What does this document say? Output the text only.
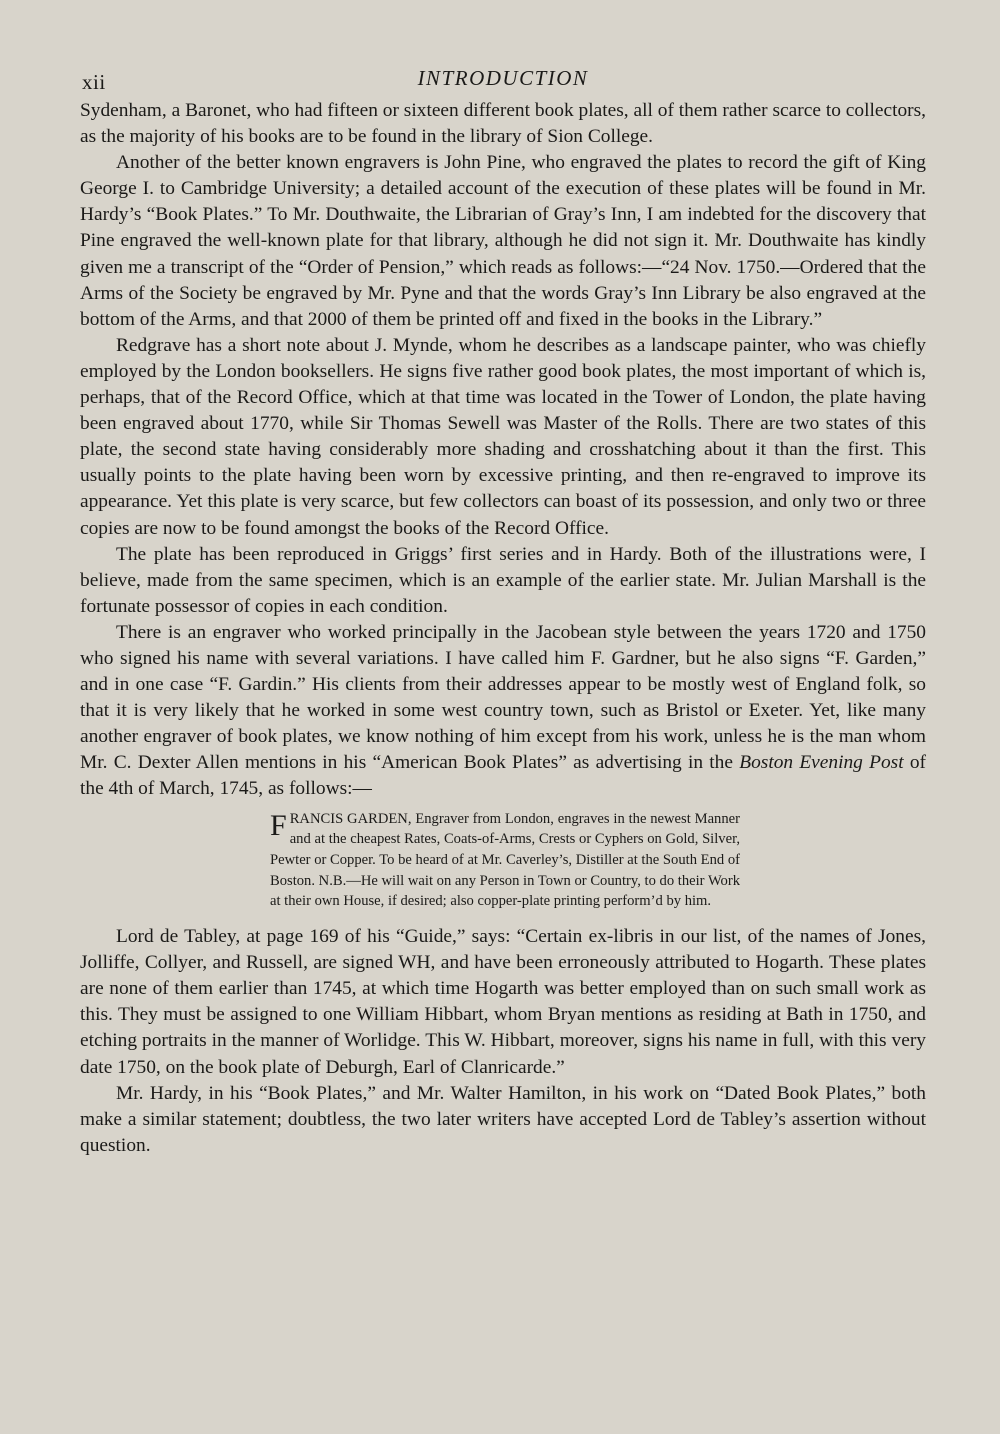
xii	INTRODUCTION

Sydenham, a Baronet, who had fifteen or sixteen different book plates, all of them rather scarce to collectors, as the majority of his books are to be found in the library of Sion College.

Another of the better known engravers is John Pine, who engraved the plates to record the gift of King George I. to Cambridge University; a detailed account of the execution of these plates will be found in Mr. Hardy’s “Book Plates.” To Mr. Douthwaite, the Librarian of Gray’s Inn, I am indebted for the discovery that Pine engraved the well-known plate for that library, although he did not sign it. Mr. Douthwaite has kindly given me a transcript of the “Order of Pension,” which reads as follows:—“24 Nov. 1750.—Ordered that the Arms of the Society be engraved by Mr. Pyne and that the words Gray’s Inn Library be also engraved at the bottom of the Arms, and that 2000 of them be printed off and fixed in the books in the Library.”

Redgrave has a short note about J. Mynde, whom he describes as a landscape painter, who was chiefly employed by the London booksellers. He signs five rather good book plates, the most important of which is, perhaps, that of the Record Office, which at that time was located in the Tower of London, the plate having been engraved about 1770, while Sir Thomas Sewell was Master of the Rolls. There are two states of this plate, the second state having considerably more shading and crosshatching about it than the first. This usually points to the plate having been worn by excessive printing, and then re-engraved to improve its appearance. Yet this plate is very scarce, but few collectors can boast of its possession, and only two or three copies are now to be found amongst the books of the Record Office.

The plate has been reproduced in Griggs’ first series and in Hardy. Both of the illustrations were, I believe, made from the same specimen, which is an example of the earlier state. Mr. Julian Marshall is the fortunate possessor of copies in each condition.

There is an engraver who worked principally in the Jacobean style between the years 1720 and 1750 who signed his name with several variations. I have called him F. Gardner, but he also signs “F. Garden,” and in one case “F. Gardin.” His clients from their addresses appear to be mostly west of England folk, so that it is very likely that he worked in some west country town, such as Bristol or Exeter. Yet, like many another engraver of book plates, we know nothing of him except from his work, unless he is the man whom Mr. C. Dexter Allen mentions in his “American Book Plates” as advertising in the Boston Evening Post of the 4th of March, 1745, as follows:—

FRANCIS GARDEN, Engraver from London, engraves in the newest Manner and at the cheapest Rates, Coats-of-Arms, Crests or Cyphers on Gold, Silver, Pewter or Copper. To be heard of at Mr. Caverley’s, Distiller at the South End of Boston. N.B.—He will wait on any Person in Town or Country, to do their Work at their own House, if desired; also copper-plate printing perform’d by him.

Lord de Tabley, at page 169 of his “Guide,” says: “Certain ex-libris in our list, of the names of Jones, Jolliffe, Collyer, and Russell, are signed WH, and have been erroneously attributed to Hogarth. These plates are none of them earlier than 1745, at which time Hogarth was better employed than on such small work as this. They must be assigned to one William Hibbart, whom Bryan mentions as residing at Bath in 1750, and etching portraits in the manner of Worlidge. This W. Hibbart, moreover, signs his name in full, with this very date 1750, on the book plate of Deburgh, Earl of Clanricarde.”

Mr. Hardy, in his “Book Plates,” and Mr. Walter Hamilton, in his work on “Dated Book Plates,” both make a similar statement; doubtless, the two later writers have accepted Lord de Tabley’s assertion without question.
